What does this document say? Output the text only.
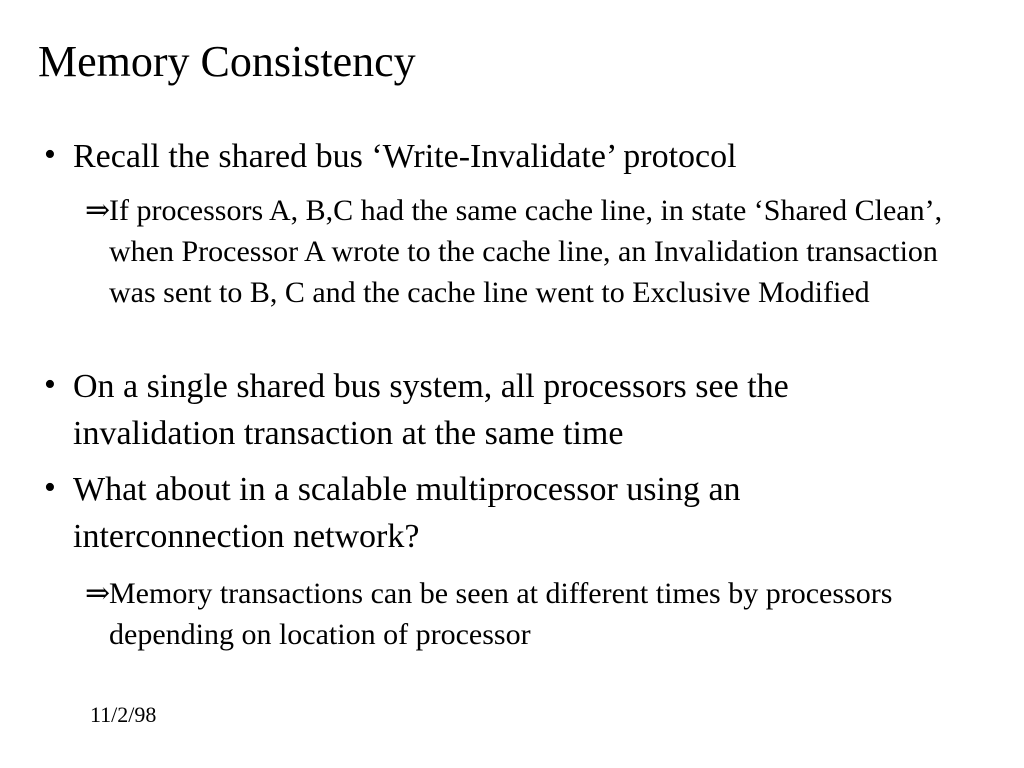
Memory Consistency
• Recall the shared bus ‘Write-Invalidate’ protocol
⇒
If processors A, B,C had the same cache line, in state ‘Shared Clean’, when Processor A wrote to the cache line, an Invalidation transaction was sent to B, C and the cache line went to Exclusive Modified
• On a single shared bus system, all processors see the invalidation transaction at the same time
• What about in a scalable multiprocessor using an interconnection network?
⇒
Memory transactions can be seen at different times by processors depending on location of processor
11/2/98
